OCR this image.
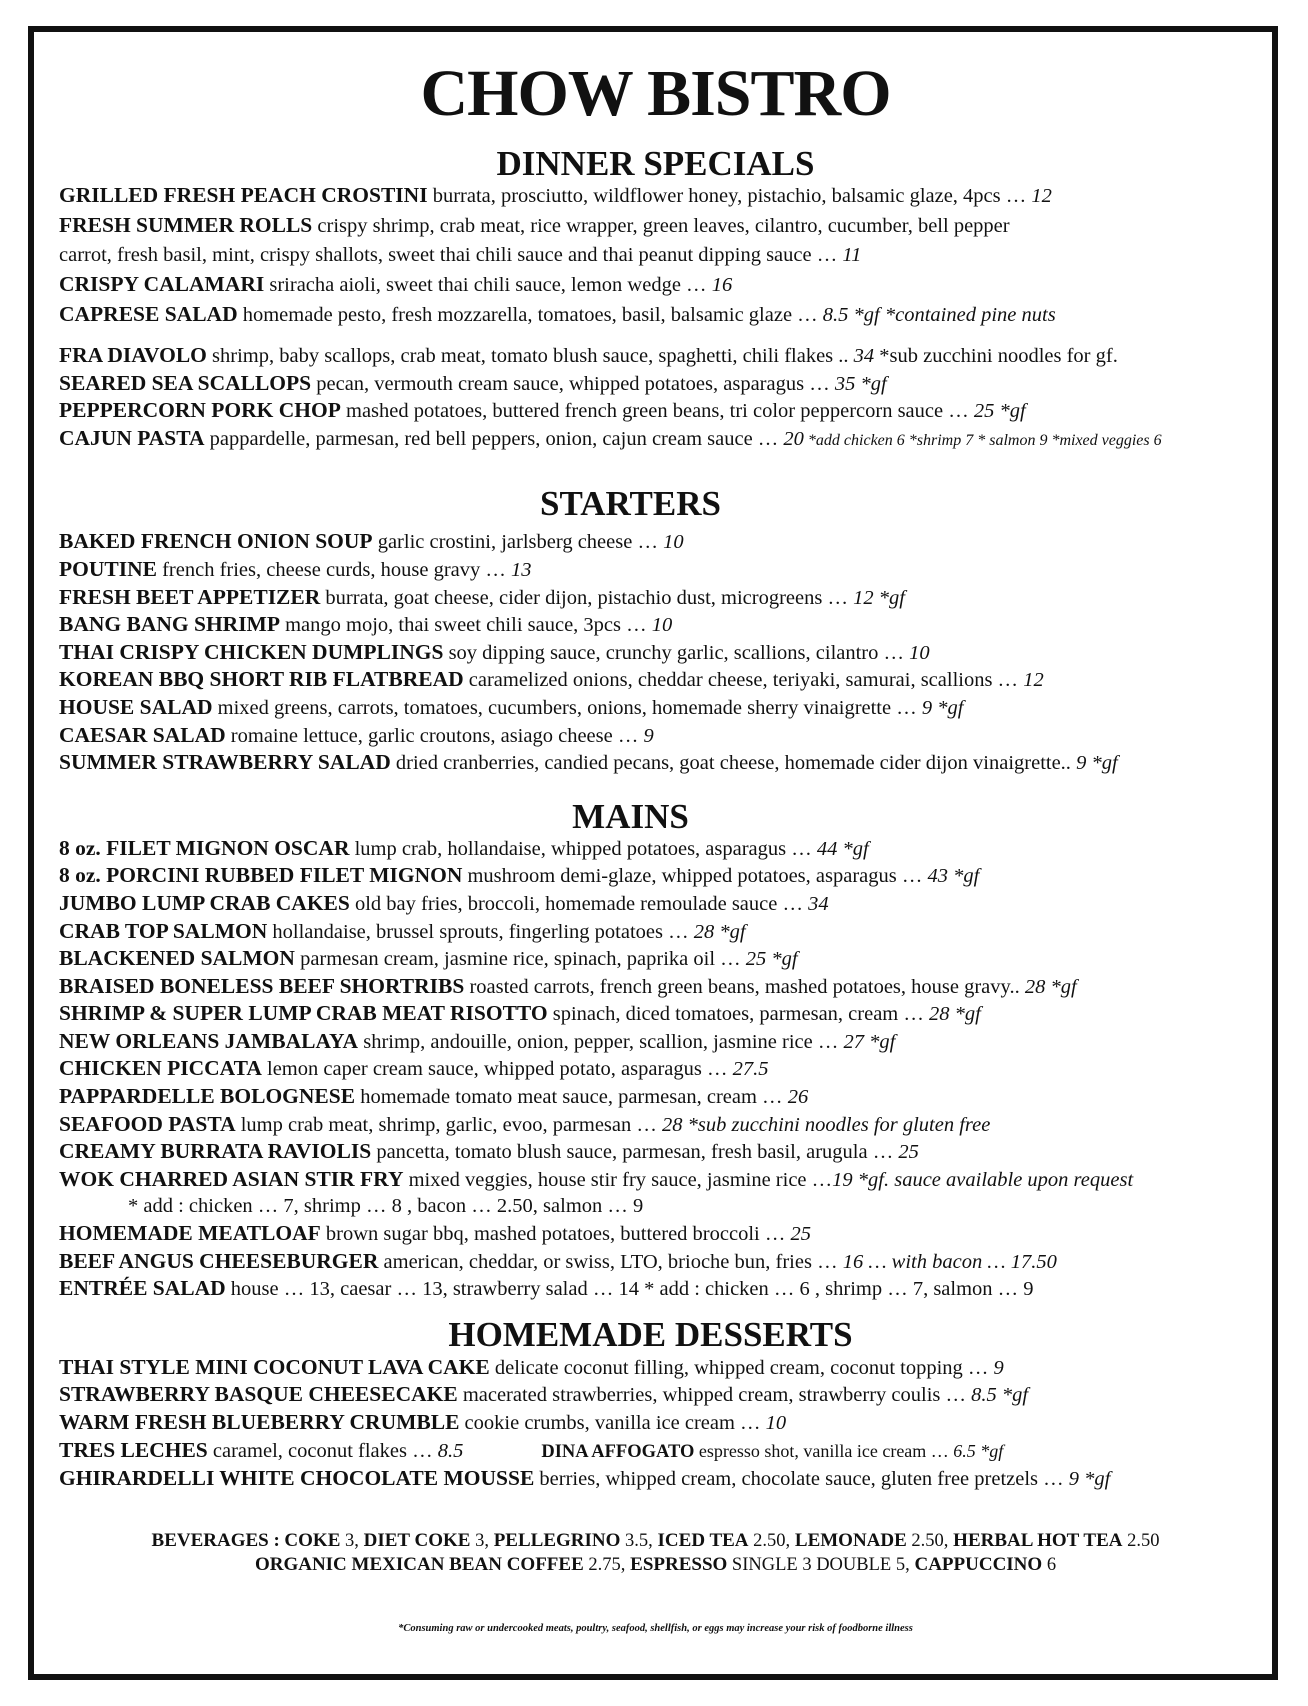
CHOW BISTRO
DINNER SPECIALS
GRILLED FRESH PEACH CROSTINI burrata, prosciutto, wildflower honey, pistachio, balsamic glaze, 4pcs … 12
FRESH SUMMER ROLLS crispy shrimp, crab meat, rice wrapper, green leaves, cilantro, cucumber, bell pepper
carrot, fresh basil, mint, crispy shallots, sweet thai chili sauce and thai peanut dipping sauce … 11
CRISPY CALAMARI sriracha aioli, sweet thai chili sauce, lemon wedge … 16
CAPRESE SALAD homemade pesto, fresh mozzarella, tomatoes, basil, balsamic glaze … 8.5 *gf *contained pine nuts
FRA DIAVOLO shrimp, baby scallops, crab meat, tomato blush sauce, spaghetti, chili flakes .. 34 *sub zucchini noodles for gf.
SEARED SEA SCALLOPS pecan, vermouth cream sauce, whipped potatoes, asparagus … 35 *gf
PEPPERCORN PORK CHOP mashed potatoes, buttered french green beans, tri color peppercorn sauce … 25 *gf
CAJUN PASTA pappardelle, parmesan, red bell peppers, onion, cajun cream sauce … 20 *add chicken 6 *shrimp 7 * salmon 9 *mixed veggies 6
STARTERS
BAKED FRENCH ONION SOUP garlic crostini, jarlsberg cheese … 10
POUTINE french fries, cheese curds, house gravy … 13
FRESH BEET APPETIZER burrata, goat cheese, cider dijon, pistachio dust, microgreens … 12 *gf
BANG BANG SHRIMP mango mojo, thai sweet chili sauce, 3pcs … 10
THAI CRISPY CHICKEN DUMPLINGS soy dipping sauce, crunchy garlic, scallions, cilantro … 10
KOREAN BBQ SHORT RIB FLATBREAD caramelized onions, cheddar cheese, teriyaki, samurai, scallions … 12
HOUSE SALAD mixed greens, carrots, tomatoes, cucumbers, onions, homemade sherry vinaigrette … 9 *gf
CAESAR SALAD romaine lettuce, garlic croutons, asiago cheese … 9
SUMMER STRAWBERRY SALAD dried cranberries, candied pecans, goat cheese, homemade cider dijon vinaigrette.. 9 *gf
MAINS
8 oz. FILET MIGNON OSCAR lump crab, hollandaise, whipped potatoes, asparagus … 44 *gf
8 oz. PORCINI RUBBED FILET MIGNON mushroom demi-glaze, whipped potatoes, asparagus … 43 *gf
JUMBO LUMP CRAB CAKES old bay fries, broccoli, homemade remoulade sauce … 34
CRAB TOP SALMON hollandaise, brussel sprouts, fingerling potatoes … 28 *gf
BLACKENED SALMON parmesan cream, jasmine rice, spinach, paprika oil … 25 *gf
BRAISED BONELESS BEEF SHORTRIBS roasted carrots, french green beans, mashed potatoes, house gravy.. 28 *gf
SHRIMP & SUPER LUMP CRAB MEAT RISOTTO spinach, diced tomatoes, parmesan, cream … 28 *gf
NEW ORLEANS JAMBALAYA shrimp, andouille, onion, pepper, scallion, jasmine rice … 27 *gf
CHICKEN PICCATA lemon caper cream sauce, whipped potato, asparagus … 27.5
PAPPARDELLE BOLOGNESE homemade tomato meat sauce, parmesan, cream … 26
SEAFOOD PASTA lump crab meat, shrimp, garlic, evoo, parmesan … 28 *sub zucchini noodles for gluten free
CREAMY BURRATA RAVIOLIS pancetta, tomato blush sauce, parmesan, fresh basil, arugula … 25
WOK CHARRED ASIAN STIR FRY mixed veggies, house stir fry sauce, jasmine rice …19 *gf. sauce available upon request
* add : chicken … 7, shrimp … 8 , bacon … 2.50, salmon … 9
HOMEMADE MEATLOAF brown sugar bbq, mashed potatoes, buttered broccoli … 25
BEEF ANGUS CHEESEBURGER american, cheddar, or swiss, LTO, brioche bun, fries … 16 … with bacon … 17.50
ENTRÉE SALAD house … 13, caesar … 13, strawberry salad … 14 * add : chicken … 6 , shrimp … 7, salmon … 9
HOMEMADE DESSERTS
THAI STYLE MINI COCONUT LAVA CAKE delicate coconut filling, whipped cream, coconut topping … 9
STRAWBERRY BASQUE CHEESECAKE macerated strawberries, whipped cream, strawberry coulis … 8.5 *gf
WARM FRESH BLUEBERRY CRUMBLE cookie crumbs, vanilla ice cream … 10
TRES LECHES caramel, coconut flakes … 8.5	DINA AFFOGATO espresso shot, vanilla ice cream … 6.5 *gf
GHIRARDELLI WHITE CHOCOLATE MOUSSE berries, whipped cream, chocolate sauce, gluten free pretzels … 9 *gf
BEVERAGES : COKE 3, DIET COKE 3, PELLEGRINO 3.5, ICED TEA 2.50, LEMONADE 2.50, HERBAL HOT TEA 2.50
ORGANIC MEXICAN BEAN COFFEE 2.75, ESPRESSO SINGLE 3 DOUBLE 5, CAPPUCCINO 6
*Consuming raw or undercooked meats, poultry, seafood, shellfish, or eggs may increase your risk of foodborne illness
